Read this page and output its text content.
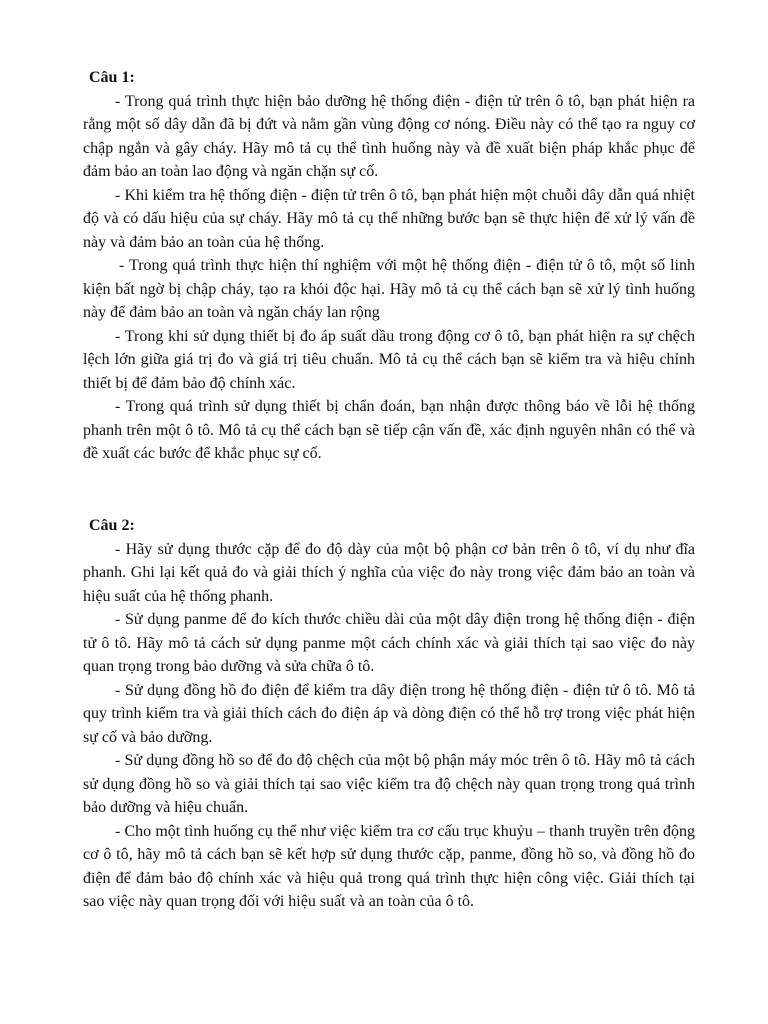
Câu 1:

- Trong quá trình thực hiện bảo dưỡng hệ thống điện - điện tử trên ô tô, bạn phát hiện ra rằng một số dây dẫn đã bị đứt và nằm gần vùng động cơ nóng. Điều này có thể tạo ra nguy cơ chập ngắn và gây cháy. Hãy mô tả cụ thể tình huống này và đề xuất biện pháp khắc phục để đảm bảo an toàn lao động và ngăn chặn sự cố.

- Khi kiểm tra hệ thống điện - điện tử trên ô tô, bạn phát hiện một chuỗi dây dẫn quá nhiệt độ và có dấu hiệu của sự cháy. Hãy mô tả cụ thể những bước bạn sẽ thực hiện để xử lý vấn đề này và đảm bảo an toàn của hệ thống.

- Trong quá trình thực hiện thí nghiệm với một hệ thống điện - điện tử ô tô, một số linh kiện bất ngờ bị chập cháy, tạo ra khói độc hại. Hãy mô tả cụ thể cách bạn sẽ xử lý tình huống này để đảm bảo an toàn và ngăn cháy lan rộng

- Trong khi sử dụng thiết bị đo áp suất dầu trong động cơ ô tô, bạn phát hiện ra sự chệch lệch lớn giữa giá trị đo và giá trị tiêu chuẩn. Mô tả cụ thể cách bạn sẽ kiểm tra và hiệu chỉnh thiết bị để đảm bảo độ chính xác.

- Trong quá trình sử dụng thiết bị chẩn đoán, bạn nhận được thông báo về lỗi hệ thống phanh trên một ô tô. Mô tả cụ thể cách bạn sẽ tiếp cận vấn đề, xác định nguyên nhân có thể và đề xuất các bước để khắc phục sự cố.

Câu 2:

- Hãy sử dụng thước cặp để đo độ dày của một bộ phận cơ bản trên ô tô, ví dụ như đĩa phanh. Ghi lại kết quả đo và giải thích ý nghĩa của việc đo này trong việc đảm bảo an toàn và hiệu suất của hệ thống phanh.

- Sử dụng panme để đo kích thước chiều dài của một dây điện trong hệ thống điện - điện tử ô tô. Hãy mô tả cách sử dụng panme một cách chính xác và giải thích tại sao việc đo này quan trọng trong bảo dưỡng và sửa chữa ô tô.

- Sử dụng đồng hồ đo điện để kiểm tra dây điện trong hệ thống điện - điện tử ô tô. Mô tả quy trình kiểm tra và giải thích cách đo điện áp và dòng điện có thể hỗ trợ trong việc phát hiện sự cố và bảo dưỡng.

- Sử dụng đồng hồ so để đo độ chệch của một bộ phận máy móc trên ô tô. Hãy mô tả cách sử dụng đồng hồ so và giải thích tại sao việc kiểm tra độ chệch này quan trọng trong quá trình bảo dưỡng và hiệu chuẩn.

- Cho một tình huống cụ thể như việc kiểm tra cơ cấu trục khuỷu – thanh truyền trên động cơ ô tô, hãy mô tả cách bạn sẽ kết hợp sử dụng thước cặp, panme, đồng hồ so, và đồng hồ đo điện để đảm bảo độ chính xác và hiệu quả trong quá trình thực hiện công việc. Giải thích tại sao việc này quan trọng đối với hiệu suất và an toàn của ô tô.
